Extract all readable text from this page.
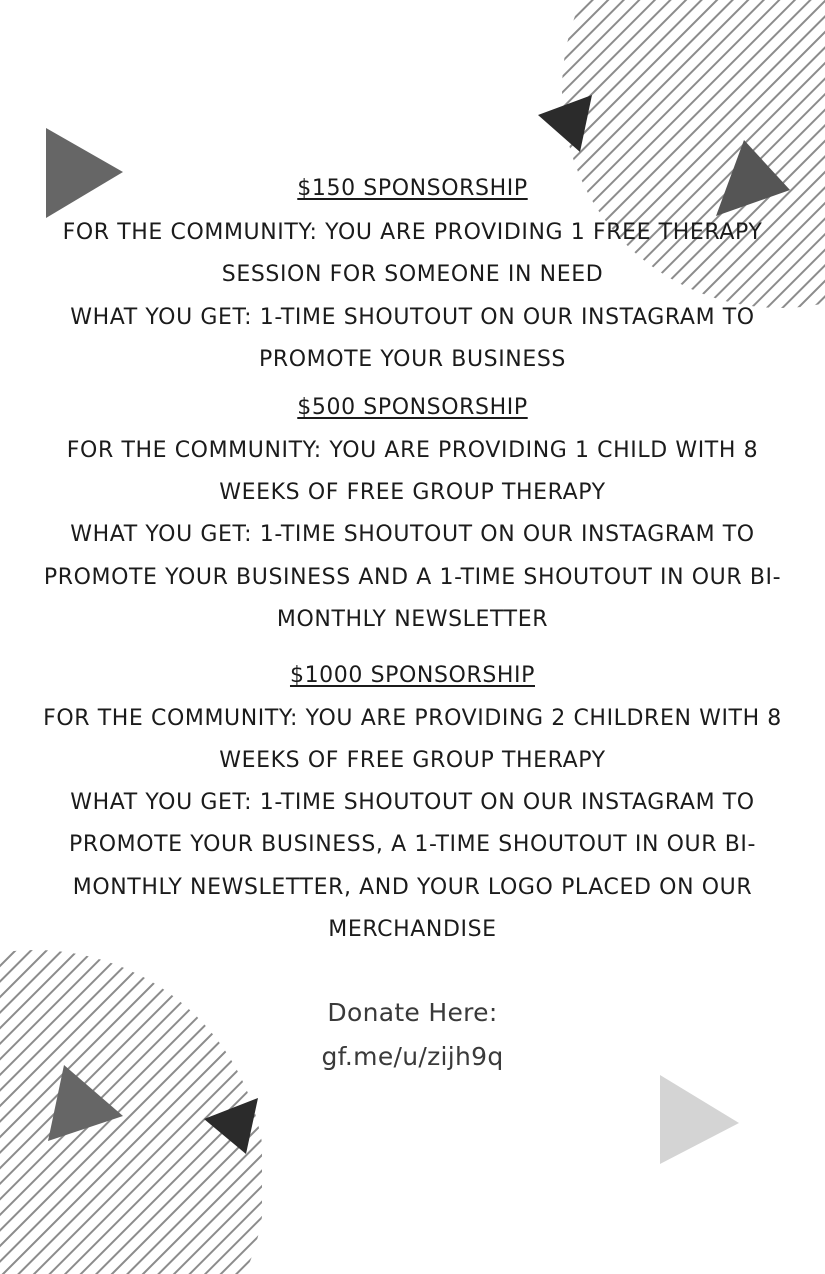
$150 SPONSORSHIP
FOR THE COMMUNITY: YOU ARE PROVIDING 1 FREE THERAPY
SESSION FOR SOMEONE IN NEED
WHAT YOU GET: 1-TIME SHOUTOUT ON OUR INSTAGRAM TO
PROMOTE YOUR BUSINESS
$500 SPONSORSHIP
FOR THE COMMUNITY: YOU ARE PROVIDING 1 CHILD WITH 8
WEEKS OF FREE GROUP THERAPY
WHAT YOU GET: 1-TIME SHOUTOUT ON OUR INSTAGRAM TO
PROMOTE YOUR BUSINESS AND A 1-TIME SHOUTOUT IN OUR BI-
MONTHLY NEWSLETTER
$1000 SPONSORSHIP
FOR THE COMMUNITY: YOU ARE PROVIDING 2 CHILDREN WITH 8
WEEKS OF FREE GROUP THERAPY
WHAT YOU GET: 1-TIME SHOUTOUT ON OUR INSTAGRAM TO
PROMOTE YOUR BUSINESS, A 1-TIME SHOUTOUT IN OUR BI-
MONTHLY NEWSLETTER, AND YOUR LOGO PLACED ON OUR
MERCHANDISE
Donate Here:
gf.me/u/zijh9q
